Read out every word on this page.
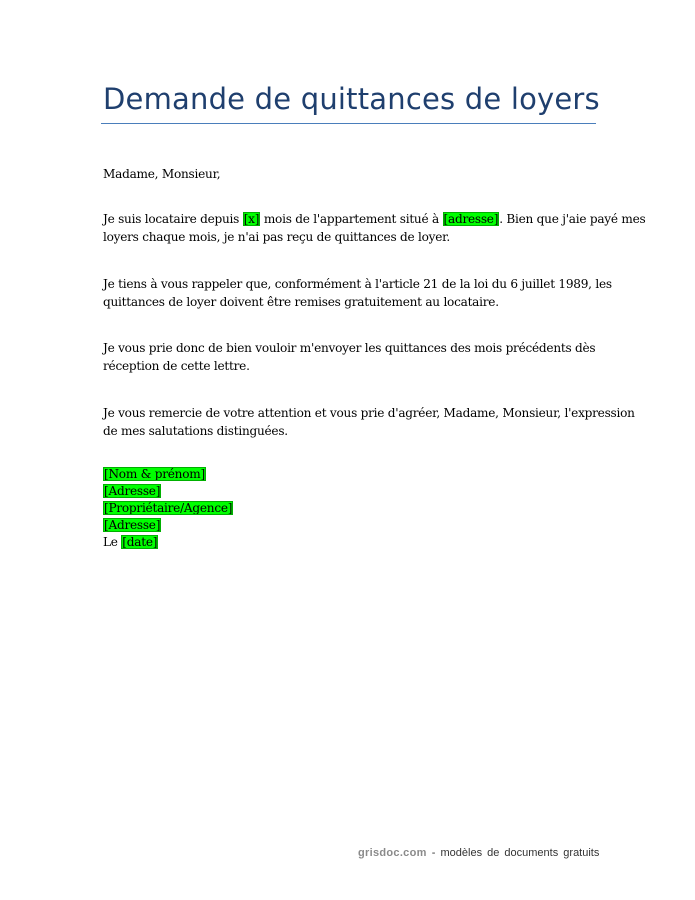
Demande de quittances de loyers
Madame, Monsieur,
Je suis locataire depuis [x] mois de l'appartement situé à [adresse]. Bien que j'aie payé mes
loyers chaque mois, je n'ai pas reçu de quittances de loyer.
Je tiens à vous rappeler que, conformément à l'article 21 de la loi du 6 juillet 1989, les
quittances de loyer doivent être remises gratuitement au locataire.
Je vous prie donc de bien vouloir m'envoyer les quittances des mois précédents dès
réception de cette lettre.
Je vous remercie de votre attention et vous prie d'agréer, Madame, Monsieur, l'expression
de mes salutations distinguées.
[Nom & prénom]
[Adresse]
[Propriétaire/Agence]
[Adresse]
Le [date]
grisdoc.com - modèles de documents gratuits
